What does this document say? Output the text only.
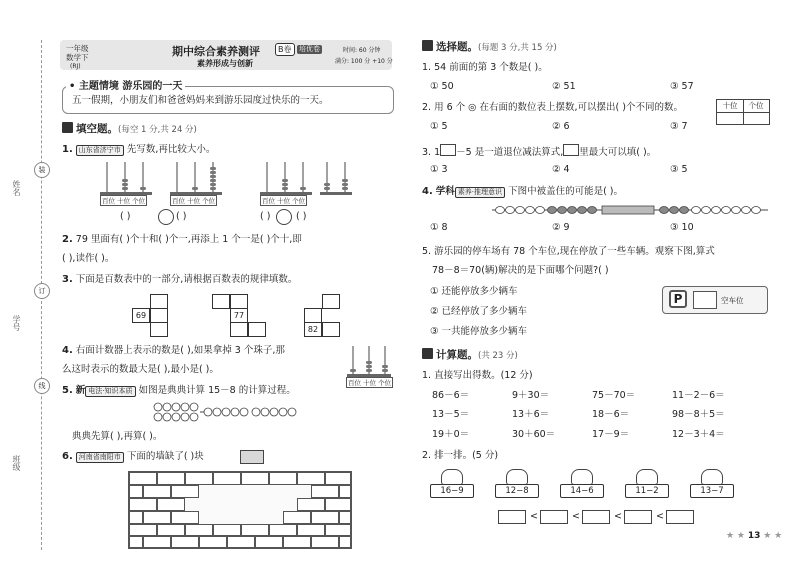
姓名
学号
班级
装
订
线
一年级
数学下
(RJ)
期中综合素养测评	B卷	培优卷
素养形成与创新
时间: 60 分钟
满分: 100 分 +10 分
• 主题情境 游乐园的一天
五一假期，小朋友们和爸爸妈妈来到游乐园度过快乐的一天。
填空题。(每空 1 分,共 24 分)
1. 山东省济宁市 先写数,再比较大小。
百位 十位 个位	百位 十位 个位	百位 十位 个位
( )	( )	( )	( )
2. 79 里面有( )个十和( )个一,再添上 1 个一是( )个十,即
( ),读作( )。
3. 下面是百数表中的一部分,请根据百数表的规律填数。
69	77
82
4. 右面计数器上表示的数是( ),如果拿掉 3 个珠子,那
么这时表示的数最大是( ),最小是( )。
百位 十位 个位
5. 新 电法·知识本质 如图是典典计算 15－8 的计算过程。
典典先算( ),再算( )。
6. 河南省南阳市 下面的墙缺了( )块
选择题。(每题 3 分,共 15 分)
1. 54 前面的第 3 个数是( )。
① 50	② 51	③ 57
2. 用 6 个 ◎ 在右面的数位表上摆数,可以摆出( )个不同的数。	十位	个位
① 5	② 6	③ 7
3. 1 －5 是一道退位减法算式, 里最大可以填( )。
① 3	② 4	③ 5
4. 学科 素养·推理意识 下图中被盖住的可能是( )。
① 8	② 9	③ 10
5. 游乐园的停车场有 78 个车位,现在停放了一些车辆。观察下图,算式
78－8＝70(辆)解决的是下面哪个问题?( )
① 还能停放多少辆车
② 已经停放了多少辆车
③ 一共能停放多少辆车
P	空车位
计算题。(共 23 分)
1. 直接写出得数。(12 分)
86－6＝	9＋30＝	75－70＝	11－2－6＝
13－5＝	13＋6＝	18－6＝	98－8＋5＝
19＋0＝	30＋60＝	17－9＝	12－3＋4＝
2. 排一排。(5 分)
16−9	12−8	14−6	11−2	13−7
<	<	<	<
★ ★ 13 ★ ★
